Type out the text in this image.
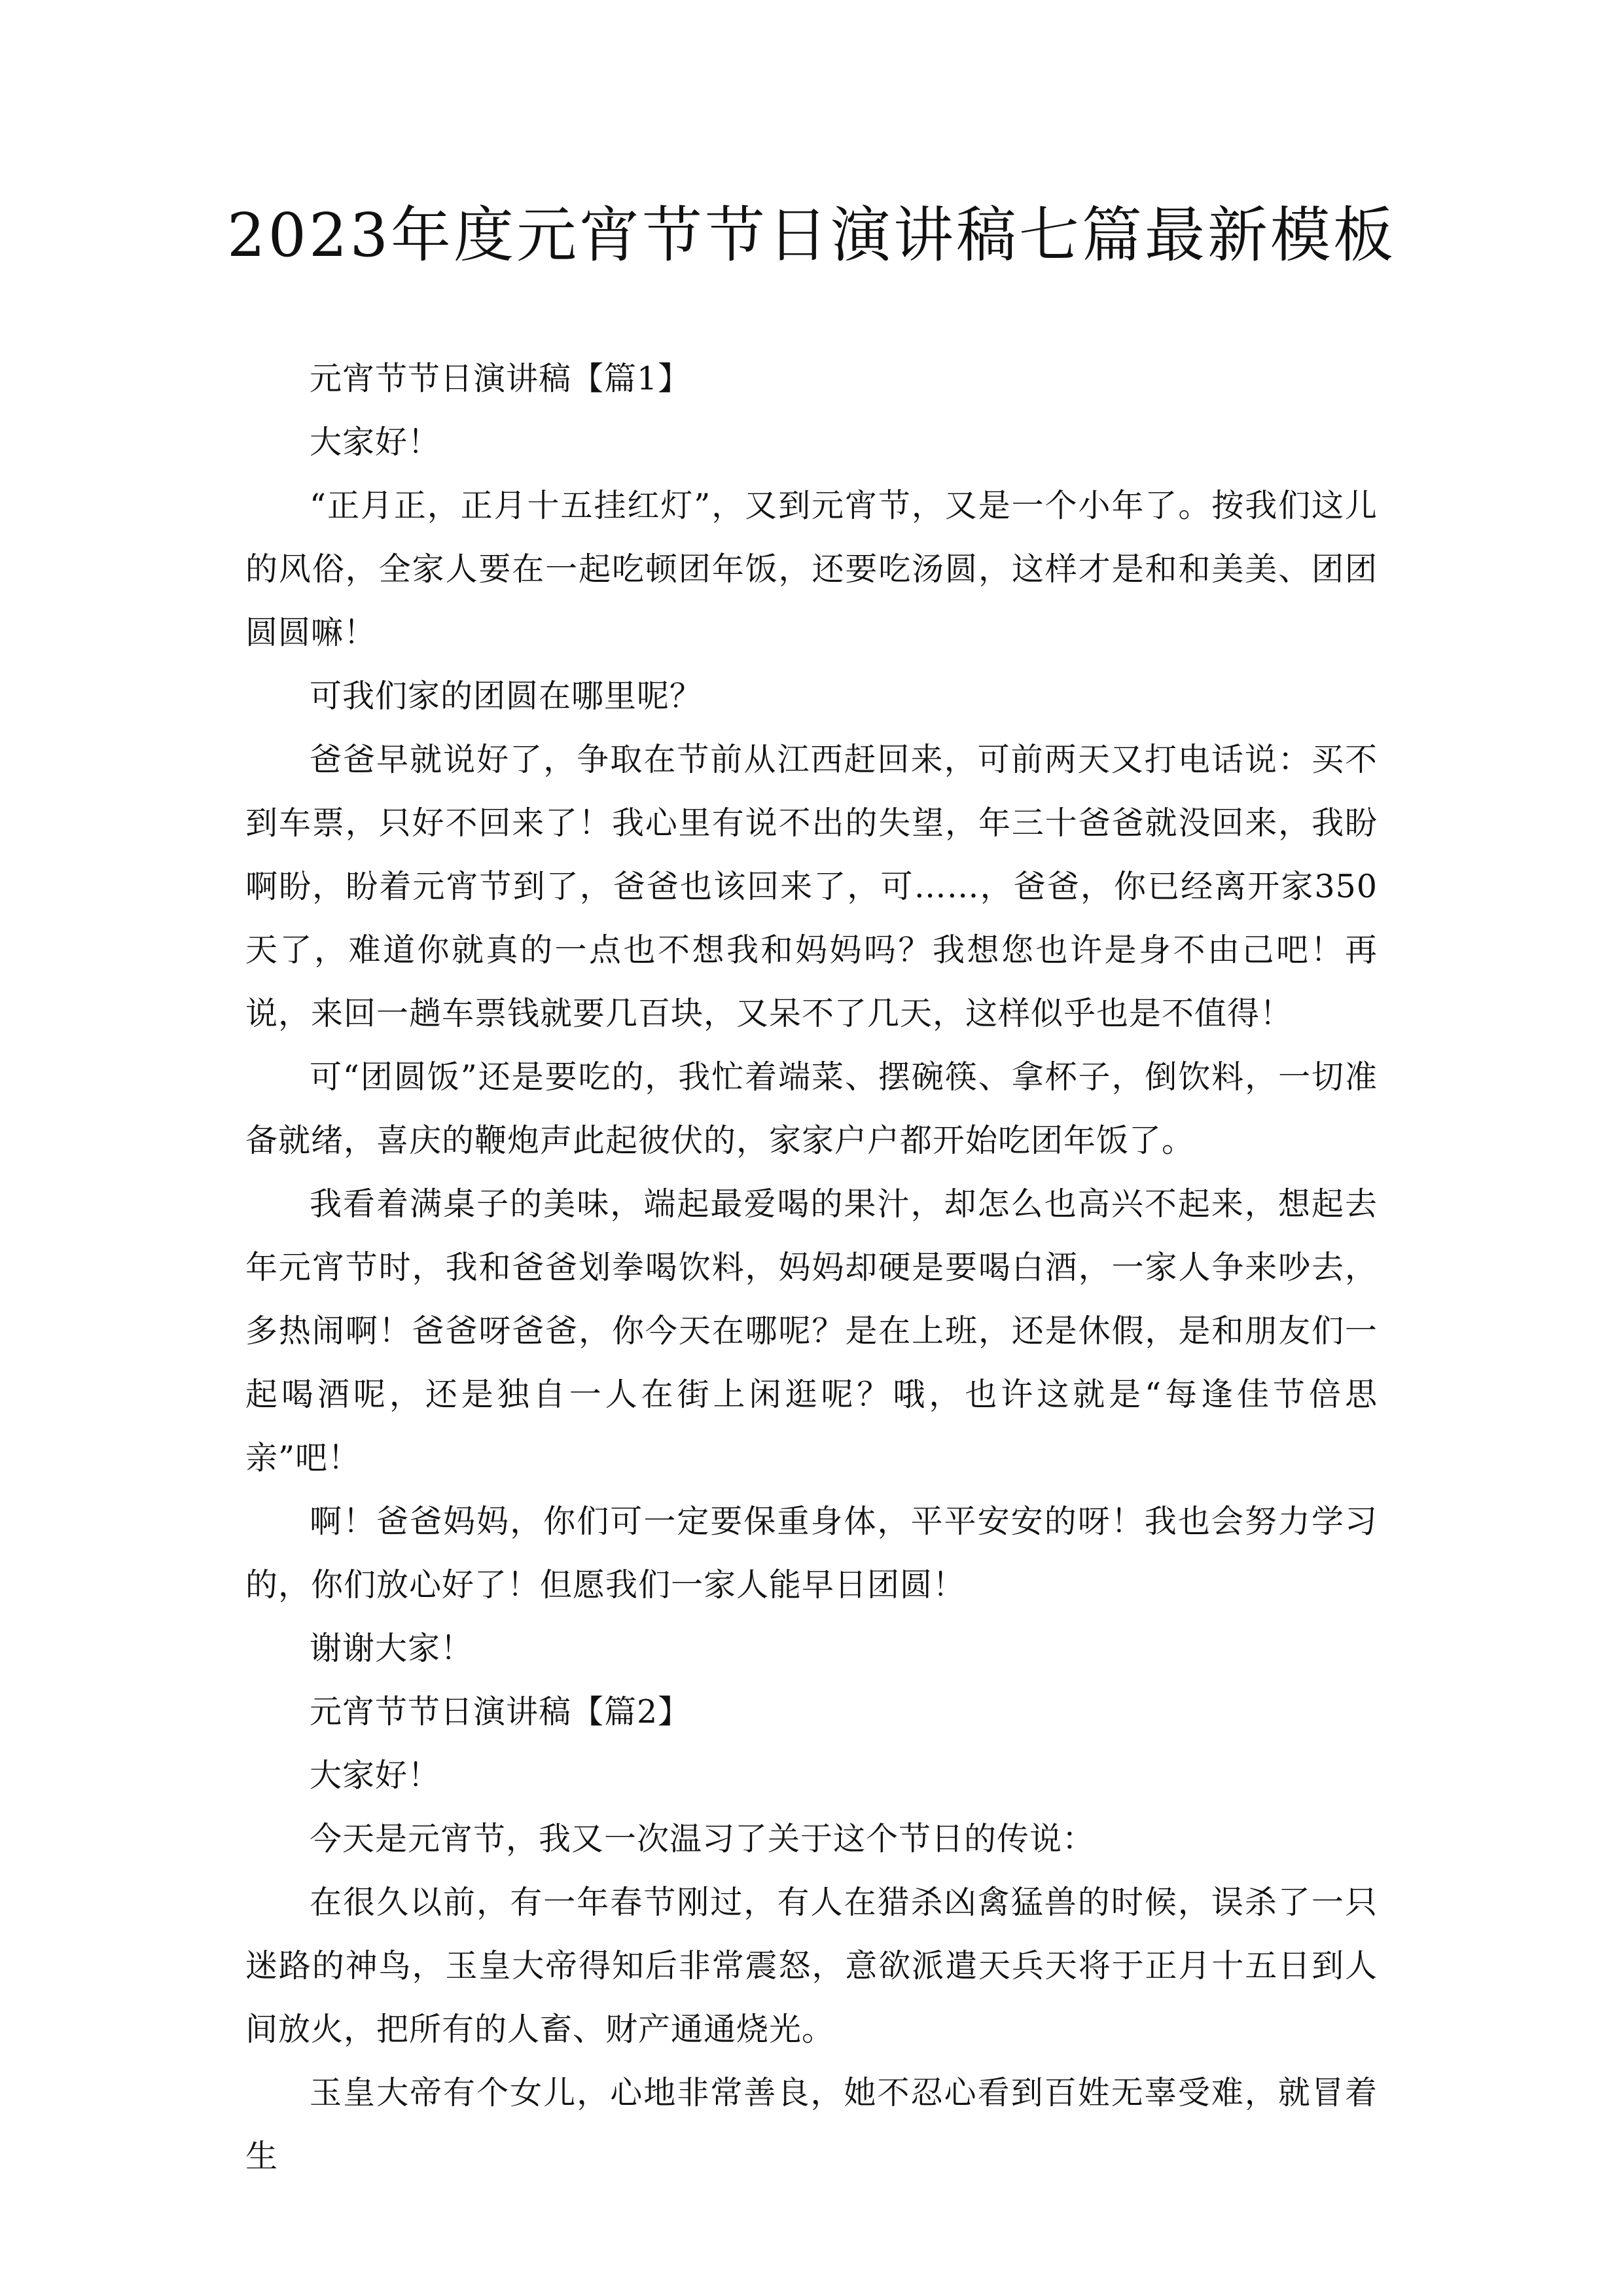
2023年度元宵节节日演讲稿七篇最新模板

元宵节节日演讲稿【篇1】

大家好！

“正月正，正月十五挂红灯”，又到元宵节，又是一个小年了。按我们这儿的风俗，全家人要在一起吃顿团年饭，还要吃汤圆，这样才是和和美美、团团圆圆嘛！

可我们家的团圆在哪里呢？

爸爸早就说好了，争取在节前从江西赶回来，可前两天又打电话说：买不到车票，只好不回来了！我心里有说不出的失望，年三十爸爸就没回来，我盼啊盼，盼着元宵节到了，爸爸也该回来了，可……，爸爸，你已经离开家350天了，难道你就真的一点也不想我和妈妈吗？我想您也许是身不由己吧！再说，来回一趟车票钱就要几百块，又呆不了几天，这样似乎也是不值得！

可“团圆饭”还是要吃的，我忙着端菜、摆碗筷、拿杯子，倒饮料，一切准备就绪，喜庆的鞭炮声此起彼伏的，家家户户都开始吃团年饭了。

我看着满桌子的美味，端起最爱喝的果汁，却怎么也高兴不起来，想起去年元宵节时，我和爸爸划拳喝饮料，妈妈却硬是要喝白酒，一家人争来吵去，多热闹啊！爸爸呀爸爸，你今天在哪呢？是在上班，还是休假，是和朋友们一起喝酒呢，还是独自一人在街上闲逛呢？哦，也许这就是“每逢佳节倍思亲”吧！

啊！爸爸妈妈，你们可一定要保重身体，平平安安的呀！我也会努力学习的，你们放心好了！但愿我们一家人能早日团圆！

谢谢大家！

元宵节节日演讲稿【篇2】

大家好！

今天是元宵节，我又一次温习了关于这个节日的传说：

在很久以前，有一年春节刚过，有人在猎杀凶禽猛兽的时候，误杀了一只迷路的神鸟，玉皇大帝得知后非常震怒，意欲派遣天兵天将于正月十五日到人间放火，把所有的人畜、财产通通烧光。

玉皇大帝有个女儿，心地非常善良，她不忍心看到百姓无辜受难，就冒着生
